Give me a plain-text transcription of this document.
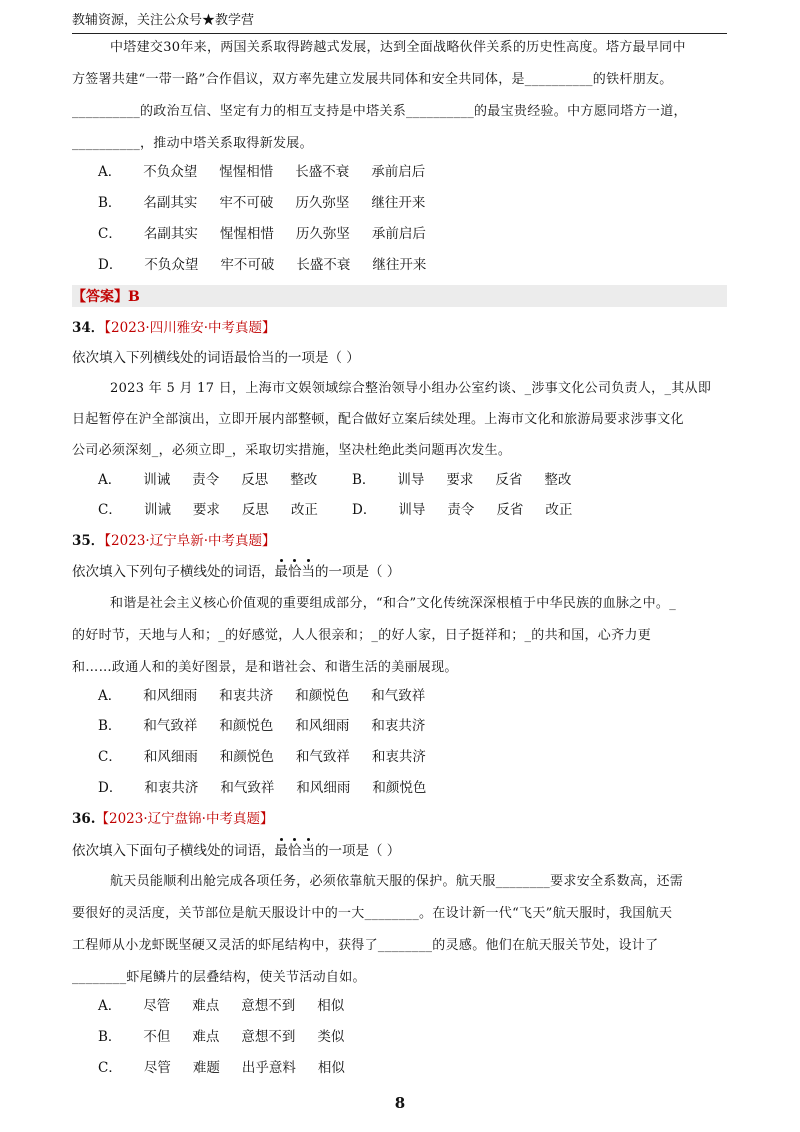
教辅资源，关注公众号★教学营
中塔建交30年来，两国关系取得跨越式发展，达到全面战略伙伴关系的历史性高度。塔方最早同中
方签署共建“一带一路”合作倡议，双方率先建立发展共同体和安全共同体，是__________的铁杆朋友。
__________的政治互信、坚定有力的相互支持是中塔关系__________的最宝贵经验。中方愿同塔方一道，
__________，推动中塔关系取得新发展。
A． 不负众望 惺惺相惜 长盛不衰 承前启后
B． 名副其实 牢不可破 历久弥坚 继往开来
C． 名副其实 惺惺相惜 历久弥坚 承前启后
D． 不负众望 牢不可破 长盛不衰 继往开来
【答案】B
34．【2023·四川雅安·中考真题】
依次填入下列横线处的词语最恰当的一项是（ ）
2023 年 5 月 17 日，上海市文娱领域综合整治领导小组办公室约谈、_涉事文化公司负责人，_其从即
日起暂停在沪全部演出，立即开展内部整顿，配合做好立案后续处理。上海市文化和旅游局要求涉事文化
公司必须深刻_，必须立即_，采取切实措施，坚决杜绝此类问题再次发生。
A． 训诫 责令 反思 整改	B． 训导 要求 反省 整改
C． 训诫 要求 反思 改正	D． 训导 责令 反省 改正
35．【2023·辽宁阜新·中考真题】
依次填入下列句子横线处的词语，最恰当的一项是（ ）
和谐是社会主义核心价值观的重要组成部分，“和合”文化传统深深根植于中华民族的血脉之中。_
的好时节，天地与人和；_的好感觉，人人很亲和；_的好人家，日子挺祥和；_的共和国，心齐力更
和……政通人和的美好图景，是和谐社会、和谐生活的美丽展现。
A． 和风细雨 和衷共济 和颜悦色 和气致祥
B． 和气致祥 和颜悦色 和风细雨 和衷共济
C． 和风细雨 和颜悦色 和气致祥 和衷共济
D． 和衷共济 和气致祥 和风细雨 和颜悦色
36.【2023·辽宁盘锦·中考真题】
依次填入下面句子横线处的词语，最恰当的一项是（ ）
航天员能顺利出舱完成各项任务，必须依靠航天服的保护。航天服________要求安全系数高，还需
要很好的灵活度，关节部位是航天服设计中的一大________。在设计新一代“飞天”航天服时，我国航天
工程师从小龙虾既坚硬又灵活的虾尾结构中，获得了________的灵感。他们在航天服关节处，设计了
________虾尾鳞片的层叠结构，使关节活动自如。
A． 尽管 难点 意想不到 相似
B． 不但 难点 意想不到 类似
C． 尽管 难题 出乎意料 相似
8
